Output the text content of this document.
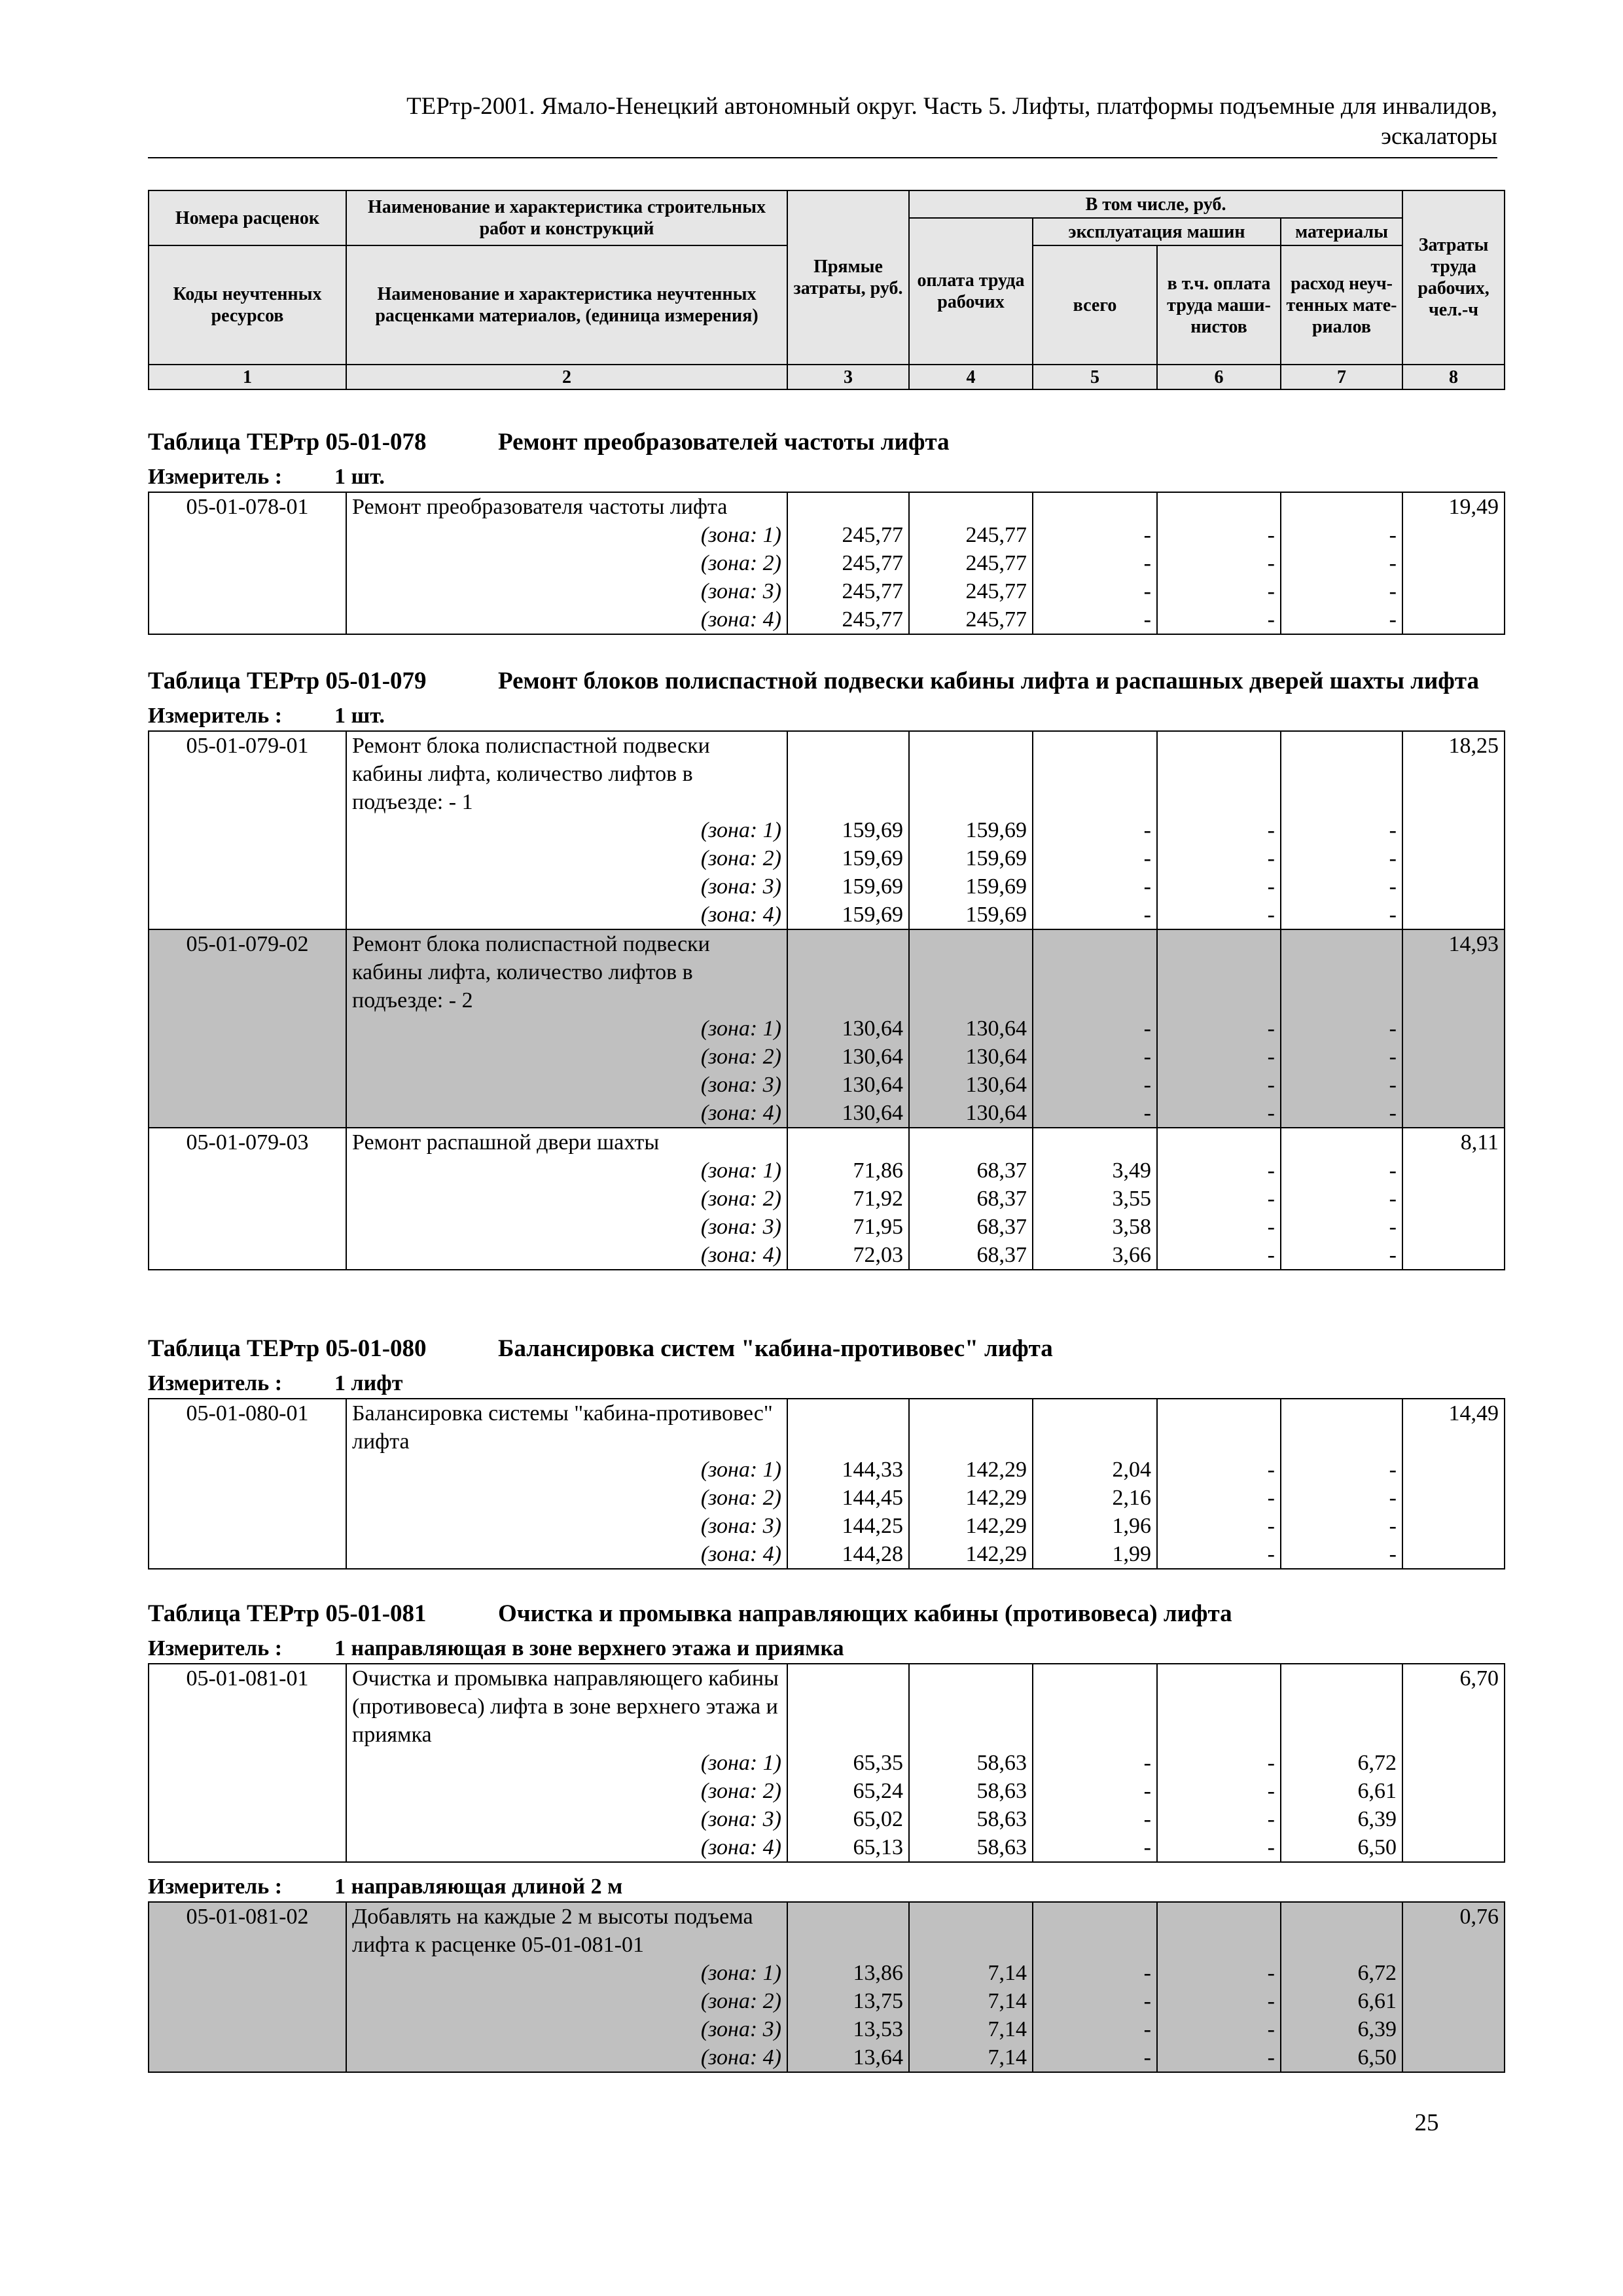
ТЕРтр-2001. Ямало-Ненецкий автономный округ. Часть 5. Лифты, платформы подъемные для инвалидов,
эскалаторы
Номера расценок	Наименование и характеристика строительных работ и конструкций	Прямые затраты, руб.	В том числе, руб.				Затраты труда рабочих, чел.-ч
			оплата труда рабочих	эксплуатация машин		материалы	
Коды неучтенных ресурсов	Наименование и характеристика неучтенных расценками материалов, (единица измерения)			всего	в т.ч. оплата труда маши-нистов	расход неуч-тенных мате-риалов	

1	2	3	4	5	6	7	8
Таблица ТЕРтр 05-01-078	Ремонт преобразователей частоты лифта
Измеритель :	1 шт.
05-01-078-01	Ремонт преобразователя частоты лифта						19,49
	(зона: 1)	245,77	245,77	-	-	-	
	(зона: 2)	245,77	245,77	-	-	-	
	(зона: 3)	245,77	245,77	-	-	-	
	(зона: 4)	245,77	245,77	-	-	-	
Таблица ТЕРтр 05-01-079	Ремонт блоков полиспастной подвески кабины лифта и распашных дверей шахты лифта
Измеритель :	1 шт.
05-01-079-01	Ремонт блока полиспастной подвески кабины лифта, количество лифтов в подъезде: - 1						18,25
	(зона: 1)	159,69	159,69	-	-	-	
	(зона: 2)	159,69	159,69	-	-	-	
	(зона: 3)	159,69	159,69	-	-	-	
	(зона: 4)	159,69	159,69	-	-	-	
05-01-079-02	Ремонт блока полиспастной подвески кабины лифта, количество лифтов в подъезде: - 2						14,93
	(зона: 1)	130,64	130,64	-	-	-	
	(зона: 2)	130,64	130,64	-	-	-	
	(зона: 3)	130,64	130,64	-	-	-	
	(зона: 4)	130,64	130,64	-	-	-	
05-01-079-03	Ремонт распашной двери шахты						8,11
	(зона: 1)	71,86	68,37	3,49	-	-	
	(зона: 2)	71,92	68,37	3,55	-	-	
	(зона: 3)	71,95	68,37	3,58	-	-	
	(зона: 4)	72,03	68,37	3,66	-	-	
Таблица ТЕРтр 05-01-080	Балансировка систем "кабина-противовес" лифта
Измеритель :	1 лифт
05-01-080-01	Балансировка системы "кабина-противовес" лифта						14,49
	(зона: 1)	144,33	142,29	2,04	-	-	
	(зона: 2)	144,45	142,29	2,16	-	-	
	(зона: 3)	144,25	142,29	1,96	-	-	
	(зона: 4)	144,28	142,29	1,99	-	-	
Таблица ТЕРтр 05-01-081	Очистка и промывка направляющих кабины (противовеса) лифта
Измеритель :	1 направляющая в зоне верхнего этажа и приямка
05-01-081-01	Очистка и промывка направляющего кабины (противовеса) лифта в зоне верхнего этажа и приямка						6,70
	(зона: 1)	65,35	58,63	-	-	6,72	
	(зона: 2)	65,24	58,63	-	-	6,61	
	(зона: 3)	65,02	58,63	-	-	6,39	
	(зона: 4)	65,13	58,63	-	-	6,50	
Измеритель :	1 направляющая длиной 2 м
05-01-081-02	Добавлять на каждые 2 м высоты подъема лифта к расценке 05-01-081-01						0,76
	(зона: 1)	13,86	7,14	-	-	6,72	
	(зона: 2)	13,75	7,14	-	-	6,61	
	(зона: 3)	13,53	7,14	-	-	6,39	
	(зона: 4)	13,64	7,14	-	-	6,50	
25
